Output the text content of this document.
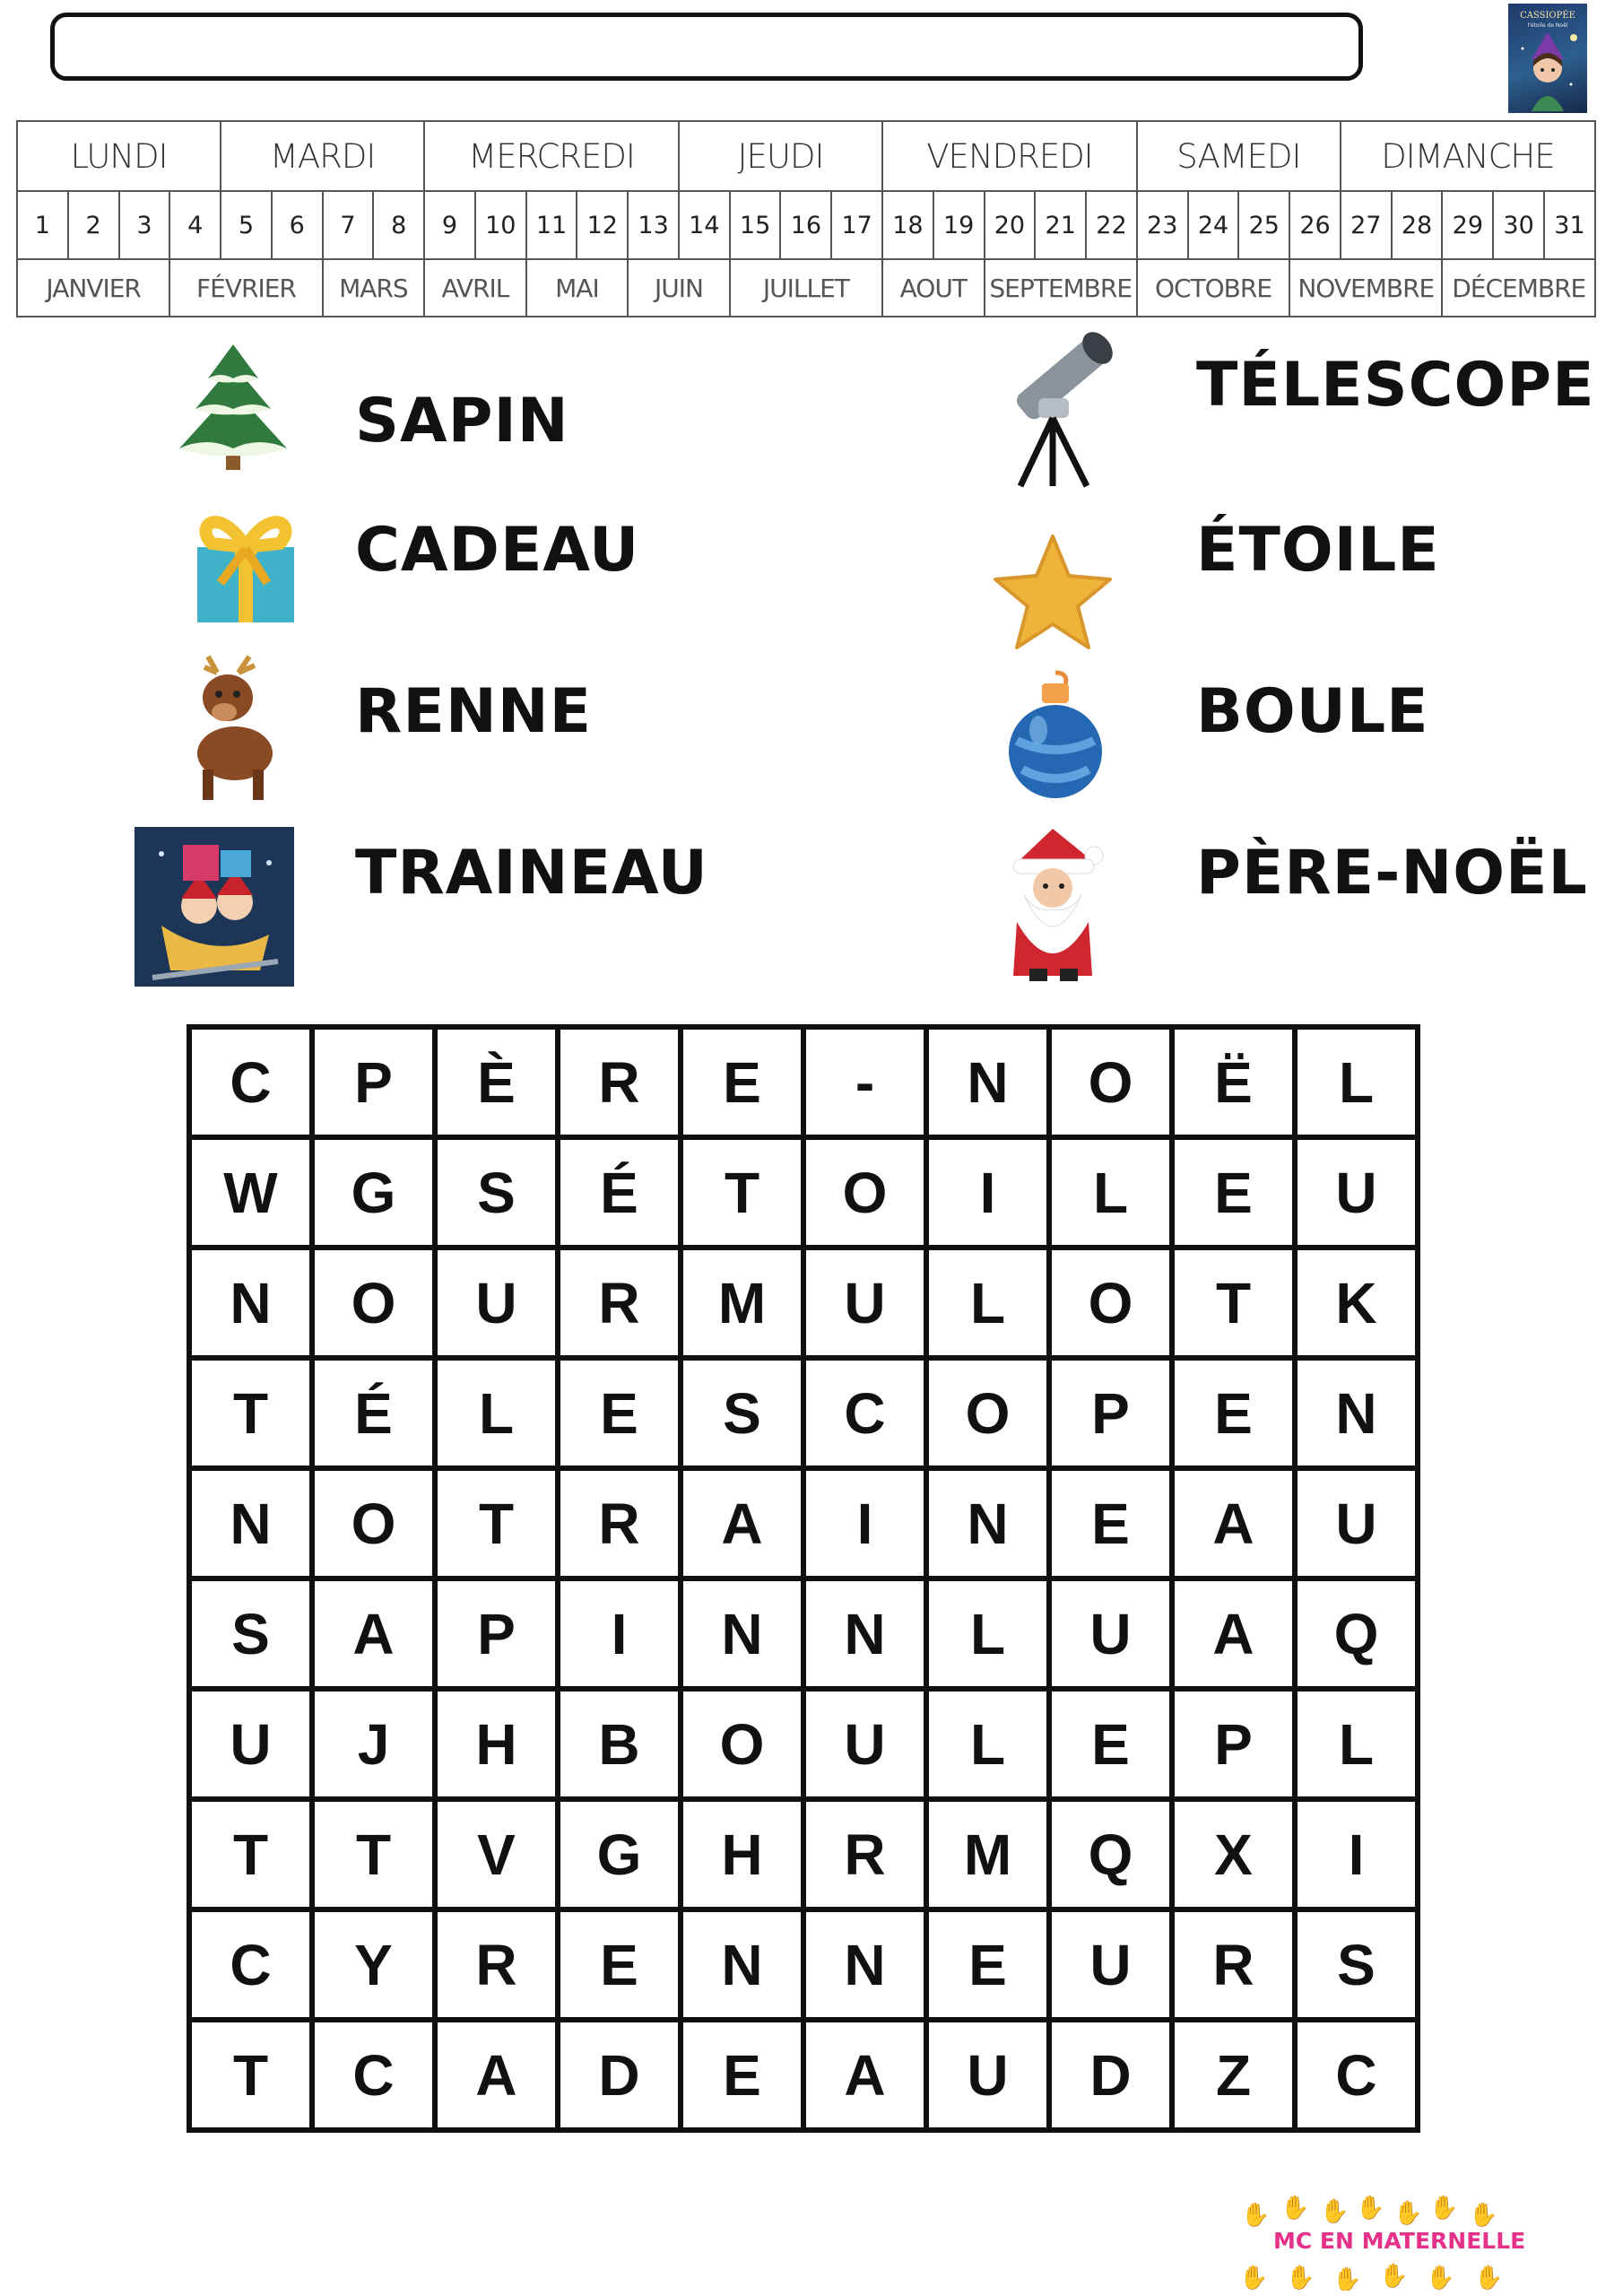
CASSIOPÉE
l'étoile de Noël
LUNDI				MARDI				MERCREDI					JEUDI				VENDREDI					SAMEDI				DIMANCHE				
1	2	3	4	5	6	7	8	9	10	11	12	13	14	15	16	17	18	19	20	21	22	23	24	25	26	27	28	29	30	31
JANVIER			FÉVRIER			MARS		AVRIL		MAI		JUIN		JUILLET			AOUT		SEPTEMBRE			OCTOBRE			NOVEMBRE			DÉCEMBRE		
SAPIN
CADEAU
RENNE
TRAINEAU
TÉLESCOPE
ÉTOILE
BOULE
PÈRE-NOËL
C	P	È	R	E	-	N	O	Ë	L
W	G	S	É	T	O	I	L	E	U
N	O	U	R	M	U	L	O	T	K
T	É	L	E	S	C	O	P	E	N
N	O	T	R	A	I	N	E	A	U
S	A	P	I	N	N	L	U	A	Q
U	J	H	B	O	U	L	E	P	L
T	T	V	G	H	R	M	Q	X	I
C	Y	R	E	N	N	E	U	R	S
T	C	A	D	E	A	U	D	Z	C
✋ ✋ ✋ ✋ ✋ ✋ ✋
✋ ✋ ✋ ✋ ✋ ✋
MC EN MATERNELLE
